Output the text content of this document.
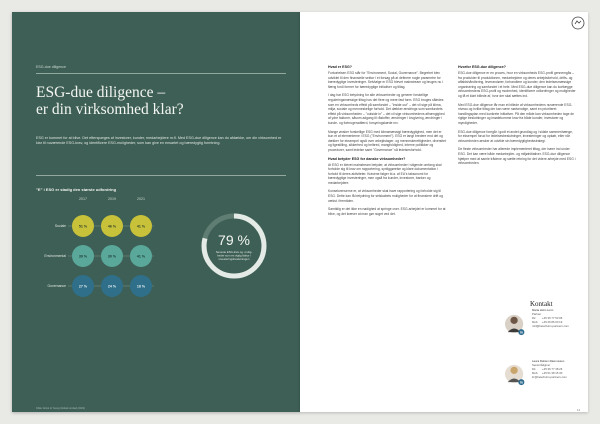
ESG-due diligence
ESG-due diligence –
er din virksomhed klar?
ESG er kommet for at blive. Det efterspørges af investorer, kunder, medarbejdere m.fl. Med ESG-due diligence kan du afdække, om din virksomhed er klar til nuværende ESG-krav, og identificere ESG-muligheder, som kan give en ensartet og bæredygtig formtning.
"E" i ESG er stadig den største udfordring
2017	2019	2021
Sociale	51 %	46 %	41 %
Environmental	39 %	30 %	41 %
Governance	27 %	24 %	18 %
79 %
Seneste ESG-krav og -mulig-
heder som en vigtig faktor i
investeringsbeslutningen
Kilde: Ernst & Young Global Limited (2021)
Hvad er ESG?

Forkortelsen ESG står for "Environment, Social, Governance". Begrebet blev udviklet til den finansielle sektor i et forsøg på at definere nogle parametre for bæredygtige investeringer. Selvfølge er ESG blevet mainstream og bruges nu i flæng fordi former for bæredygtige initiativer og tiltag.

I dag har ESG betydning for alle virksomheder og generer forskellige reguleringsmæssige tiltag hos det flere og mere fast form. ESG bruges således som en virksomheds effekt på samfundet – "inside out" – det vil sige på klima, miljø, sociale og menneskelige forhold. Det dækker ændrings som samfundets effekt på virksomheden – "outside in" – det vil sige virksomhedens afhængighed af ydre faktorer, såsom adgang til råstoffer, ændringer i lovgivning, ændringer i kunde- og forbrugeradfærd, forsyningskæde mv.

Mange ønsker forskellige ESG med klimamæssigt bæredygtighed, men det er kun et af elementerne i ESG ("Environment"). ESG er langt bredere end det og dækker for eksempel også over arbejdstager- og menneskerettigheder, diversitet og ligestilling, sikkerhed og helbred, mangfoldighed, interne politikker og procedurer, samt ledelse samt "Governance" så ledelsesforhold.

Hvad betyder ESG for danske virksomheder?

At ESG er blevet mainstream betyder, at virksomheder i stigende omfang skal forholde sig til krav om rapportering, synliggørelse og klare dokumentation i forhold til deres aktiviteter. Kravene følger bl.a. af EU's taksonomi for bæredygtige investeringer, men også fra kunder, investorer, banker og medarbejdere.

Konsekvenserne er, at virksomheder skal have rapportering og forholde sig til ESG. Dette kan få betydning for selskabets muligheder for at finansiere drift og vækst i fremtiden.

Samtidig er det ikke en nødighed at springe over. ESG-arbejdet er kommet for at blive, og det kræver at man gør noget ved det.

Hvorfor ESG-due diligence?

ESG-due diligence er en proces, hvor en virksomheds ESG-profil gennemgås – fra produkter til produktionen, medarbejdere og deres arbejdsforhold, drifts- og affaldshåndtering, leverandører, forhandlere og kunder, den ledelsesmæssige organisering og samfundet i et hele. Med ESG-due diligence kan du kortlægge virksomhedens ESG-profil og modenhed, identificere udfordringer og muligheder og få et klart billede af, hvor der skal sættes ind.

Med ESG-due diligence får man et billede af virksomhedens nuværende ESG-niveau og hvilke tiltag der kan være nødvendige, samt en prioriteret handlingsplan med konkrete initiativer. På den måde kan virksomheden tage de rigtige beslutninger og imødekomme krav fra både kunder, investorer og myndigheder.

ESG-due diligence foregår i godt et andet grundlag og i sidste sammenhænge, for eksempel forud for ledelsesbeslutninger, investeringer og opkøb, eller når virksomheden ønsker at udvikle sin bæredygtighedsstrategi.

De fleste virksomheder har allerede implementeret tiltag, der hører ind under ESG. Det kan være både medarbejder- og miljøinitiativer. ESG-due diligence hjælper med at samle trådene og sætte retning for det videre arbejde med ESG i virksomheden.

Kontakt
in
Maria Holm Lunn
Partner
Dir.	+45 36 77 53 95
Mob.	+45 26 86 00 19
mhl@beierholm-partners.com
in
Laura Rebien Rasmussen
Seniorrådgiver
Dir.	+45 36 77 48 26
Mob.	+45 51 38 15 30
lrr@beierholm-partners.com
11
